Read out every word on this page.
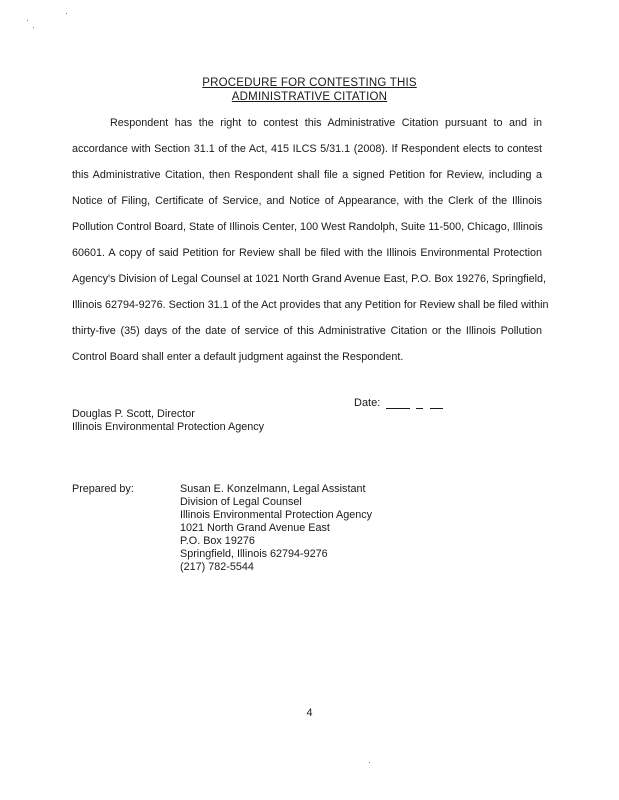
PROCEDURE FOR CONTESTING THIS
ADMINISTRATIVE CITATION
Respondent has the right to contest this Administrative Citation pursuant to and in
accordance with Section 31.1 of the Act, 415 ILCS 5/31.1 (2008). If Respondent elects to contest
this Administrative Citation, then Respondent shall file a signed Petition for Review, including a
Notice of Filing, Certificate of Service, and Notice of Appearance, with the Clerk of the Illinois
Pollution Control Board, State of Illinois Center, 100 West Randolph, Suite 11-500, Chicago, Illinois
60601. A copy of said Petition for Review shall be filed with the Illinois Environmental Protection
Agency's Division of Legal Counsel at 1021 North Grand Avenue East, P.O. Box 19276, Springfield,
Illinois 62794-9276. Section 31.1 of the Act provides that any Petition for Review shall be filed within
thirty-five (35) days of the date of service of this Administrative Citation or the Illinois Pollution
Control Board shall enter a default judgment against the Respondent.
Date:
Douglas P. Scott, Director
Illinois Environmental Protection Agency
Prepared by:	Susan E. Konzelmann, Legal Assistant
Division of Legal Counsel
Illinois Environmental Protection Agency
1021 North Grand Avenue East
P.O. Box 19276
Springfield, Illinois 62794-9276
(217) 782-5544
4
